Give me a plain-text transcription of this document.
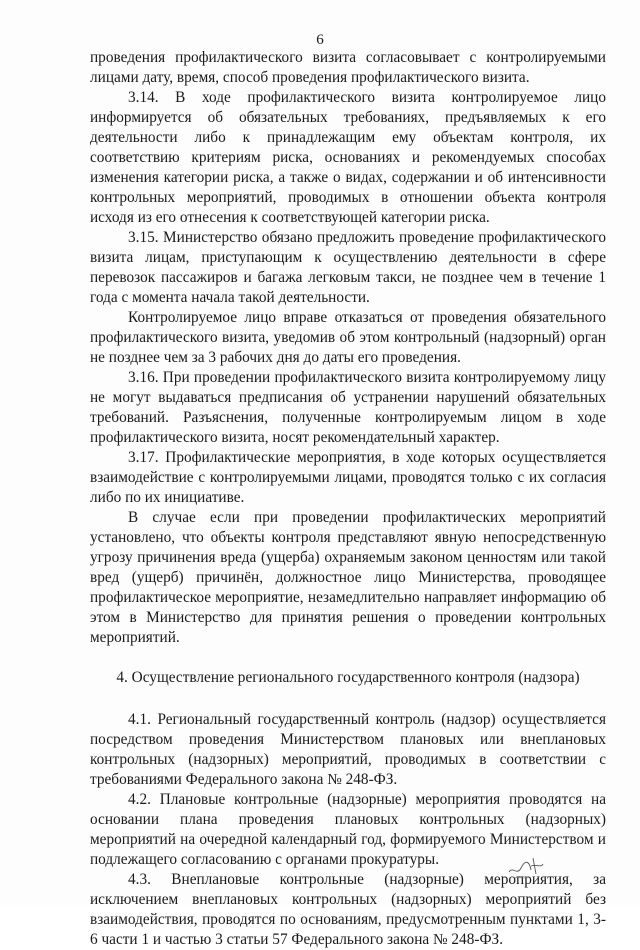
6

проведения профилактического визита согласовывает с контролируемыми лицами дату, время, способ проведения профилактического визита.

3.14. В ходе профилактического визита контролируемое лицо информируется об обязательных требованиях, предъявляемых к его деятельности либо к принадлежащим ему объектам контроля, их соответствию критериям риска, основаниях и рекомендуемых способах изменения категории риска, а также о видах, содержании и об интенсивности контрольных мероприятий, проводимых в отношении объекта контроля исходя из его отнесения к соответствующей категории риска.

3.15. Министерство обязано предложить проведение профилактического визита лицам, приступающим к осуществлению деятельности в сфере перевозок пассажиров и багажа легковым такси, не позднее чем в течение 1 года с момента начала такой деятельности.

Контролируемое лицо вправе отказаться от проведения обязательного профилактического визита, уведомив об этом контрольный (надзорный) орган не позднее чем за 3 рабочих дня до даты его проведения.

3.16. При проведении профилактического визита контролируемому лицу не могут выдаваться предписания об устранении нарушений обязательных требований. Разъяснения, полученные контролируемым лицом в ходе профилактического визита, носят рекомендательный характер.

3.17. Профилактические мероприятия, в ходе которых осуществляется взаимодействие с контролируемыми лицами, проводятся только с их согласия либо по их инициативе.

В случае если при проведении профилактических мероприятий установлено, что объекты контроля представляют явную непосредственную угрозу причинения вреда (ущерба) охраняемым законом ценностям или такой вред (ущерб) причинён, должностное лицо Министерства, проводящее профилактическое мероприятие, незамедлительно направляет информацию об этом в Министерство для принятия решения о проведении контрольных мероприятий.

4. Осуществление регионального государственного контроля (надзора)

4.1. Региональный государственный контроль (надзор) осуществляется посредством проведения Министерством плановых или внеплановых контрольных (надзорных) мероприятий, проводимых в соответствии с требованиями Федерального закона № 248-ФЗ.

4.2. Плановые контрольные (надзорные) мероприятия проводятся на основании плана проведения плановых контрольных (надзорных) мероприятий на очередной календарный год, формируемого Министерством и подлежащего согласованию с органами прокуратуры.

4.3. Внеплановые контрольные (надзорные) мероприятия, за исключением внеплановых контрольных (надзорных) мероприятий без взаимодействия, проводятся по основаниям, предусмотренным пунктами 1, 3-6 части 1 и частью 3 статьи 57 Федерального закона № 248-ФЗ.
